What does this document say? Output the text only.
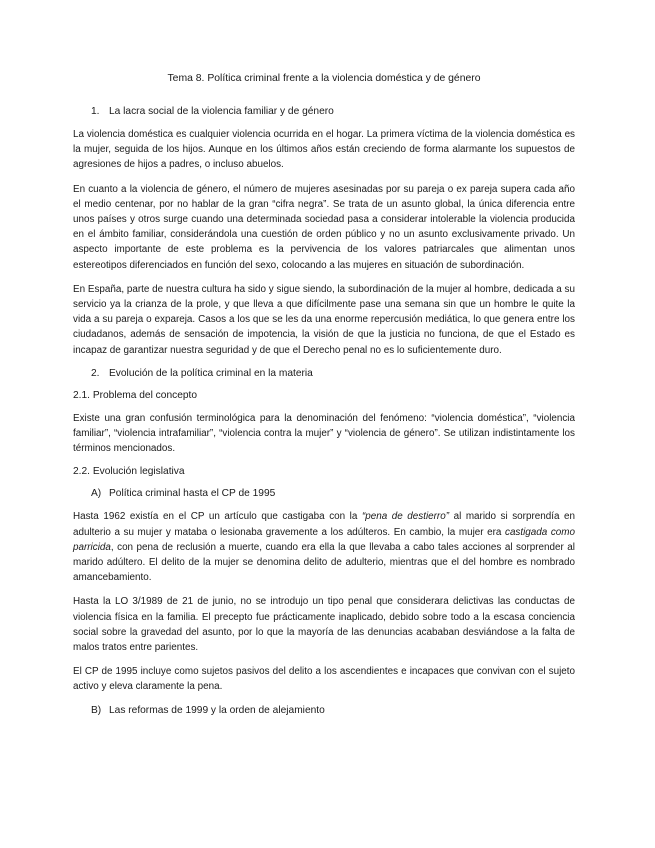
Tema 8. Política criminal frente a la violencia doméstica y de género
1. La lacra social de la violencia familiar y de género

La violencia doméstica es cualquier violencia ocurrida en el hogar. La primera víctima de la violencia doméstica es la mujer, seguida de los hijos. Aunque en los últimos años están creciendo de forma alarmante los supuestos de agresiones de hijos a padres, o incluso abuelos.

En cuanto a la violencia de género, el número de mujeres asesinadas por su pareja o ex pareja supera cada año el medio centenar, por no hablar de la gran “cifra negra”. Se trata de un asunto global, la única diferencia entre unos países y otros surge cuando una determinada sociedad pasa a considerar intolerable la violencia producida en el ámbito familiar, considerándola una cuestión de orden público y no un asunto exclusivamente privado. Un aspecto importante de este problema es la pervivencia de los valores patriarcales que alimentan unos estereotipos diferenciados en función del sexo, colocando a las mujeres en situación de subordinación.

En España, parte de nuestra cultura ha sido y sigue siendo, la subordinación de la mujer al hombre, dedicada a su servicio ya la crianza de la prole, y que lleva a que difícilmente pase una semana sin que un hombre le quite la vida a su pareja o expareja. Casos a los que se les da una enorme repercusión mediática, lo que genera entre los ciudadanos, además de sensación de impotencia, la visión de que la justicia no funciona, de que el Estado es incapaz de garantizar nuestra seguridad y de que el Derecho penal no es lo suficientemente duro.

2. Evolución de la política criminal en la materia
2.1. Problema del concepto

Existe una gran confusión terminológica para la denominación del fenómeno: “violencia doméstica”, “violencia familiar”, “violencia intrafamiliar”, “violencia contra la mujer” y “violencia de género”. Se utilizan indistintamente los términos mencionados.

2.2. Evolución legislativa
A) Política criminal hasta el CP de 1995

Hasta 1962 existía en el CP un artículo que castigaba con la “pena de destierro” al marido si sorprendía en adulterio a su mujer y mataba o lesionaba gravemente a los adúlteros. En cambio, la mujer era castigada como parricida, con pena de reclusión a muerte, cuando era ella la que llevaba a cabo tales acciones al sorprender al marido adúltero. El delito de la mujer se denomina delito de adulterio, mientras que el del hombre es nombrado amancebamiento.

Hasta la LO 3/1989 de 21 de junio, no se introdujo un tipo penal que considerara delictivas las conductas de violencia física en la familia. El precepto fue prácticamente inaplicado, debido sobre todo a la escasa conciencia social sobre la gravedad del asunto, por lo que la mayoría de las denuncias acababan desviándose a la falta de malos tratos entre parientes.

El CP de 1995 incluye como sujetos pasivos del delito a los ascendientes e incapaces que convivan con el sujeto activo y eleva claramente la pena.

B) Las reformas de 1999 y la orden de alejamiento
